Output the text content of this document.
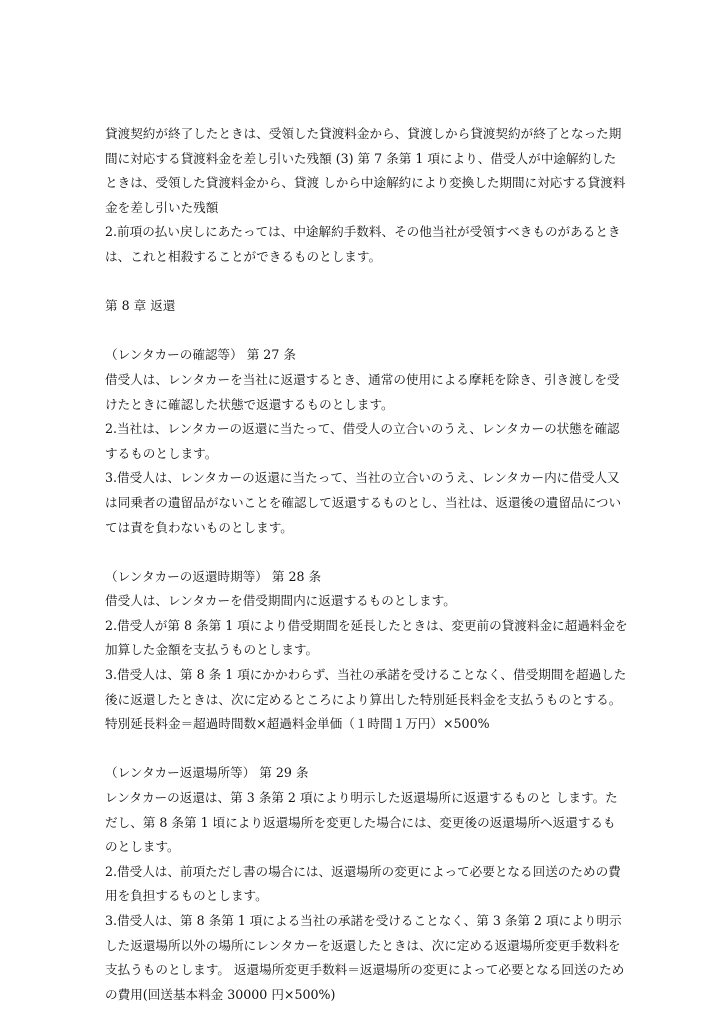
貸渡契約が終了したときは、受領した貸渡料金から、貸渡しから貸渡契約が終了となった期間に対応する貸渡料金を差し引いた残額 (3) 第 7 条第 1 項により、借受人が中途解約したときは、受領した貸渡料金から、貸渡 しから中途解約により変換した期間に対応する貸渡料金を差し引いた残額

2.前項の払い戻しにあたっては、中途解約手数料、その他当社が受領すべきものがあるときは、これと相殺することができるものとします。

第 8 章 返還

（レンタカーの確認等） 第 27 条

借受人は、レンタカーを当社に返還するとき、通常の使用による摩耗を除き、引き渡しを受けたときに確認した状態で返還するものとします。

2.当社は、レンタカーの返還に当たって、借受人の立合いのうえ、レンタカーの状態を確認するものとします。

3.借受人は、レンタカーの返還に当たって、当社の立合いのうえ、レンタカー内に借受人又 は同乗者の遺留品がないことを確認して返還するものとし、当社は、返還後の遺留品については責を負わないものとします。

（レンタカーの返還時期等） 第 28 条

借受人は、レンタカーを借受期間内に返還するものとします。

2.借受人が第 8 条第 1 項により借受期間を延長したときは、変更前の貸渡料金に超過料金を加算した金額を支払うものとします。

3.借受人は、第 8 条 1 項にかかわらず、当社の承諾を受けることなく、借受期間を超過した後に返還したときは、次に定めるところにより算出した特別延長料金を支払うものとする。 特別延長料金＝超過時間数×超過料金単価（１時間１万円）×500%

（レンタカー返還場所等） 第 29 条

レンタカーの返還は、第 3 条第 2 項により明示した返還場所に返還するものと します。ただし、第 8 条第 1 頃により返還場所を変更した場合には、変更後の返還場所へ返還するものとします。

2.借受人は、前項ただし書の場合には、返還場所の変更によって必要となる回送のための費用を負担するものとします。

3.借受人は、第 8 条第 1 項による当社の承諾を受けることなく、第 3 条第 2 項により明示した返還場所以外の場所にレンタカーを返還したときは、次に定める返還場所変更手数料を支払うものとします。 返還場所変更手数料＝返還場所の変更によって必要となる回送のための費用(回送基本料金 30000 円×500%)
